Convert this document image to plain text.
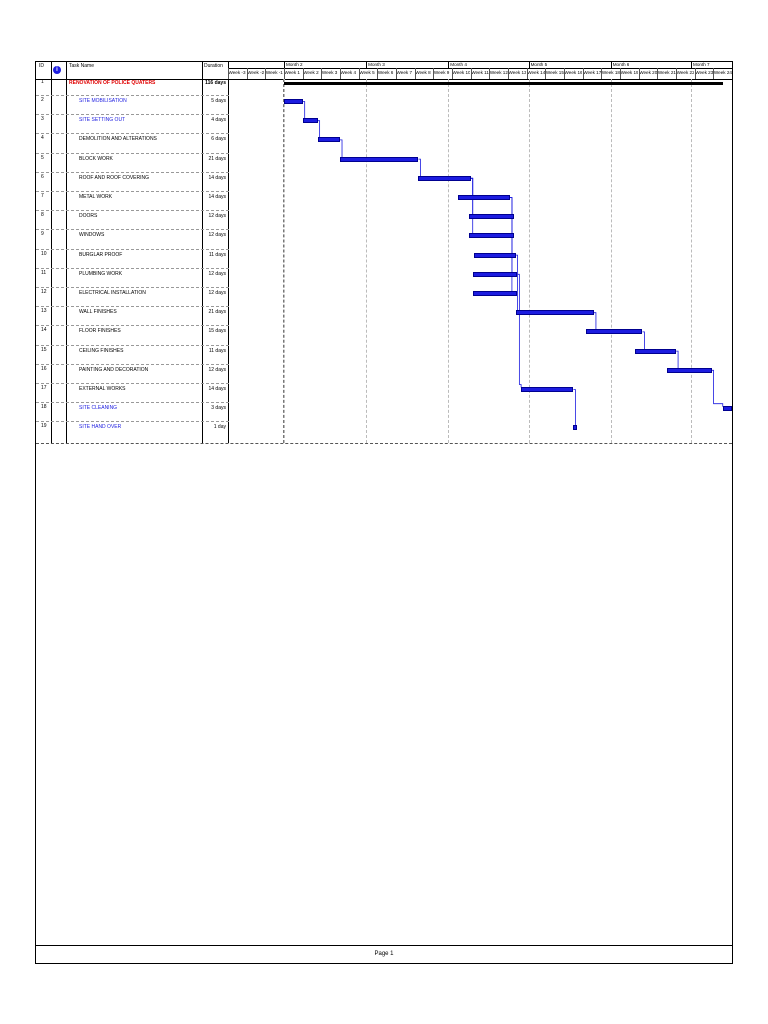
ID
i
Task Name	Duration	Month 2	Month 3	Month 4	Month 5	Month 6	Month 7
Week -3 Week -2 Week -1 Week 1 Week 2 Week 3 Week 4 Week 5 Week 6 Week 7 Week 8 Week 9 Week 10 Week 11 Week 12 Week 13 Week 14 Week 15 Week 16 Week 17 Week 18 Week 19 Week 20 Week 21 Week 22 Week 23 Week 24
1	RENOVATION OF POLICE QUATERS	116 days
2	SITE MOBILISATION	5 days
3	SITE SETTING OUT	4 days
4	DEMOLITION AND ALTERATIONS	6 days
5	BLOCK WORK	21 days
6	ROOF AND ROOF COVERING	14 days
7	METAL WORK	14 days
8	DOORS	12 days
9	WINDOWS	12 days
10	BURGLAR PROOF	11 days
11	PLUMBING WORK	12 days
12	ELECTRICAL INSTALLATION	12 days
13	WALL FINISHES	21 days
14	FLOOR FINISHES	15 days
15	CEILING FINISHES	11 days
16	PAINTING AND DECORATION	12 days
17	EXTERNAL WORKS	14 days
18	SITE CLEANING	3 days
19	SITE HAND OVER	1 day
Page 1
